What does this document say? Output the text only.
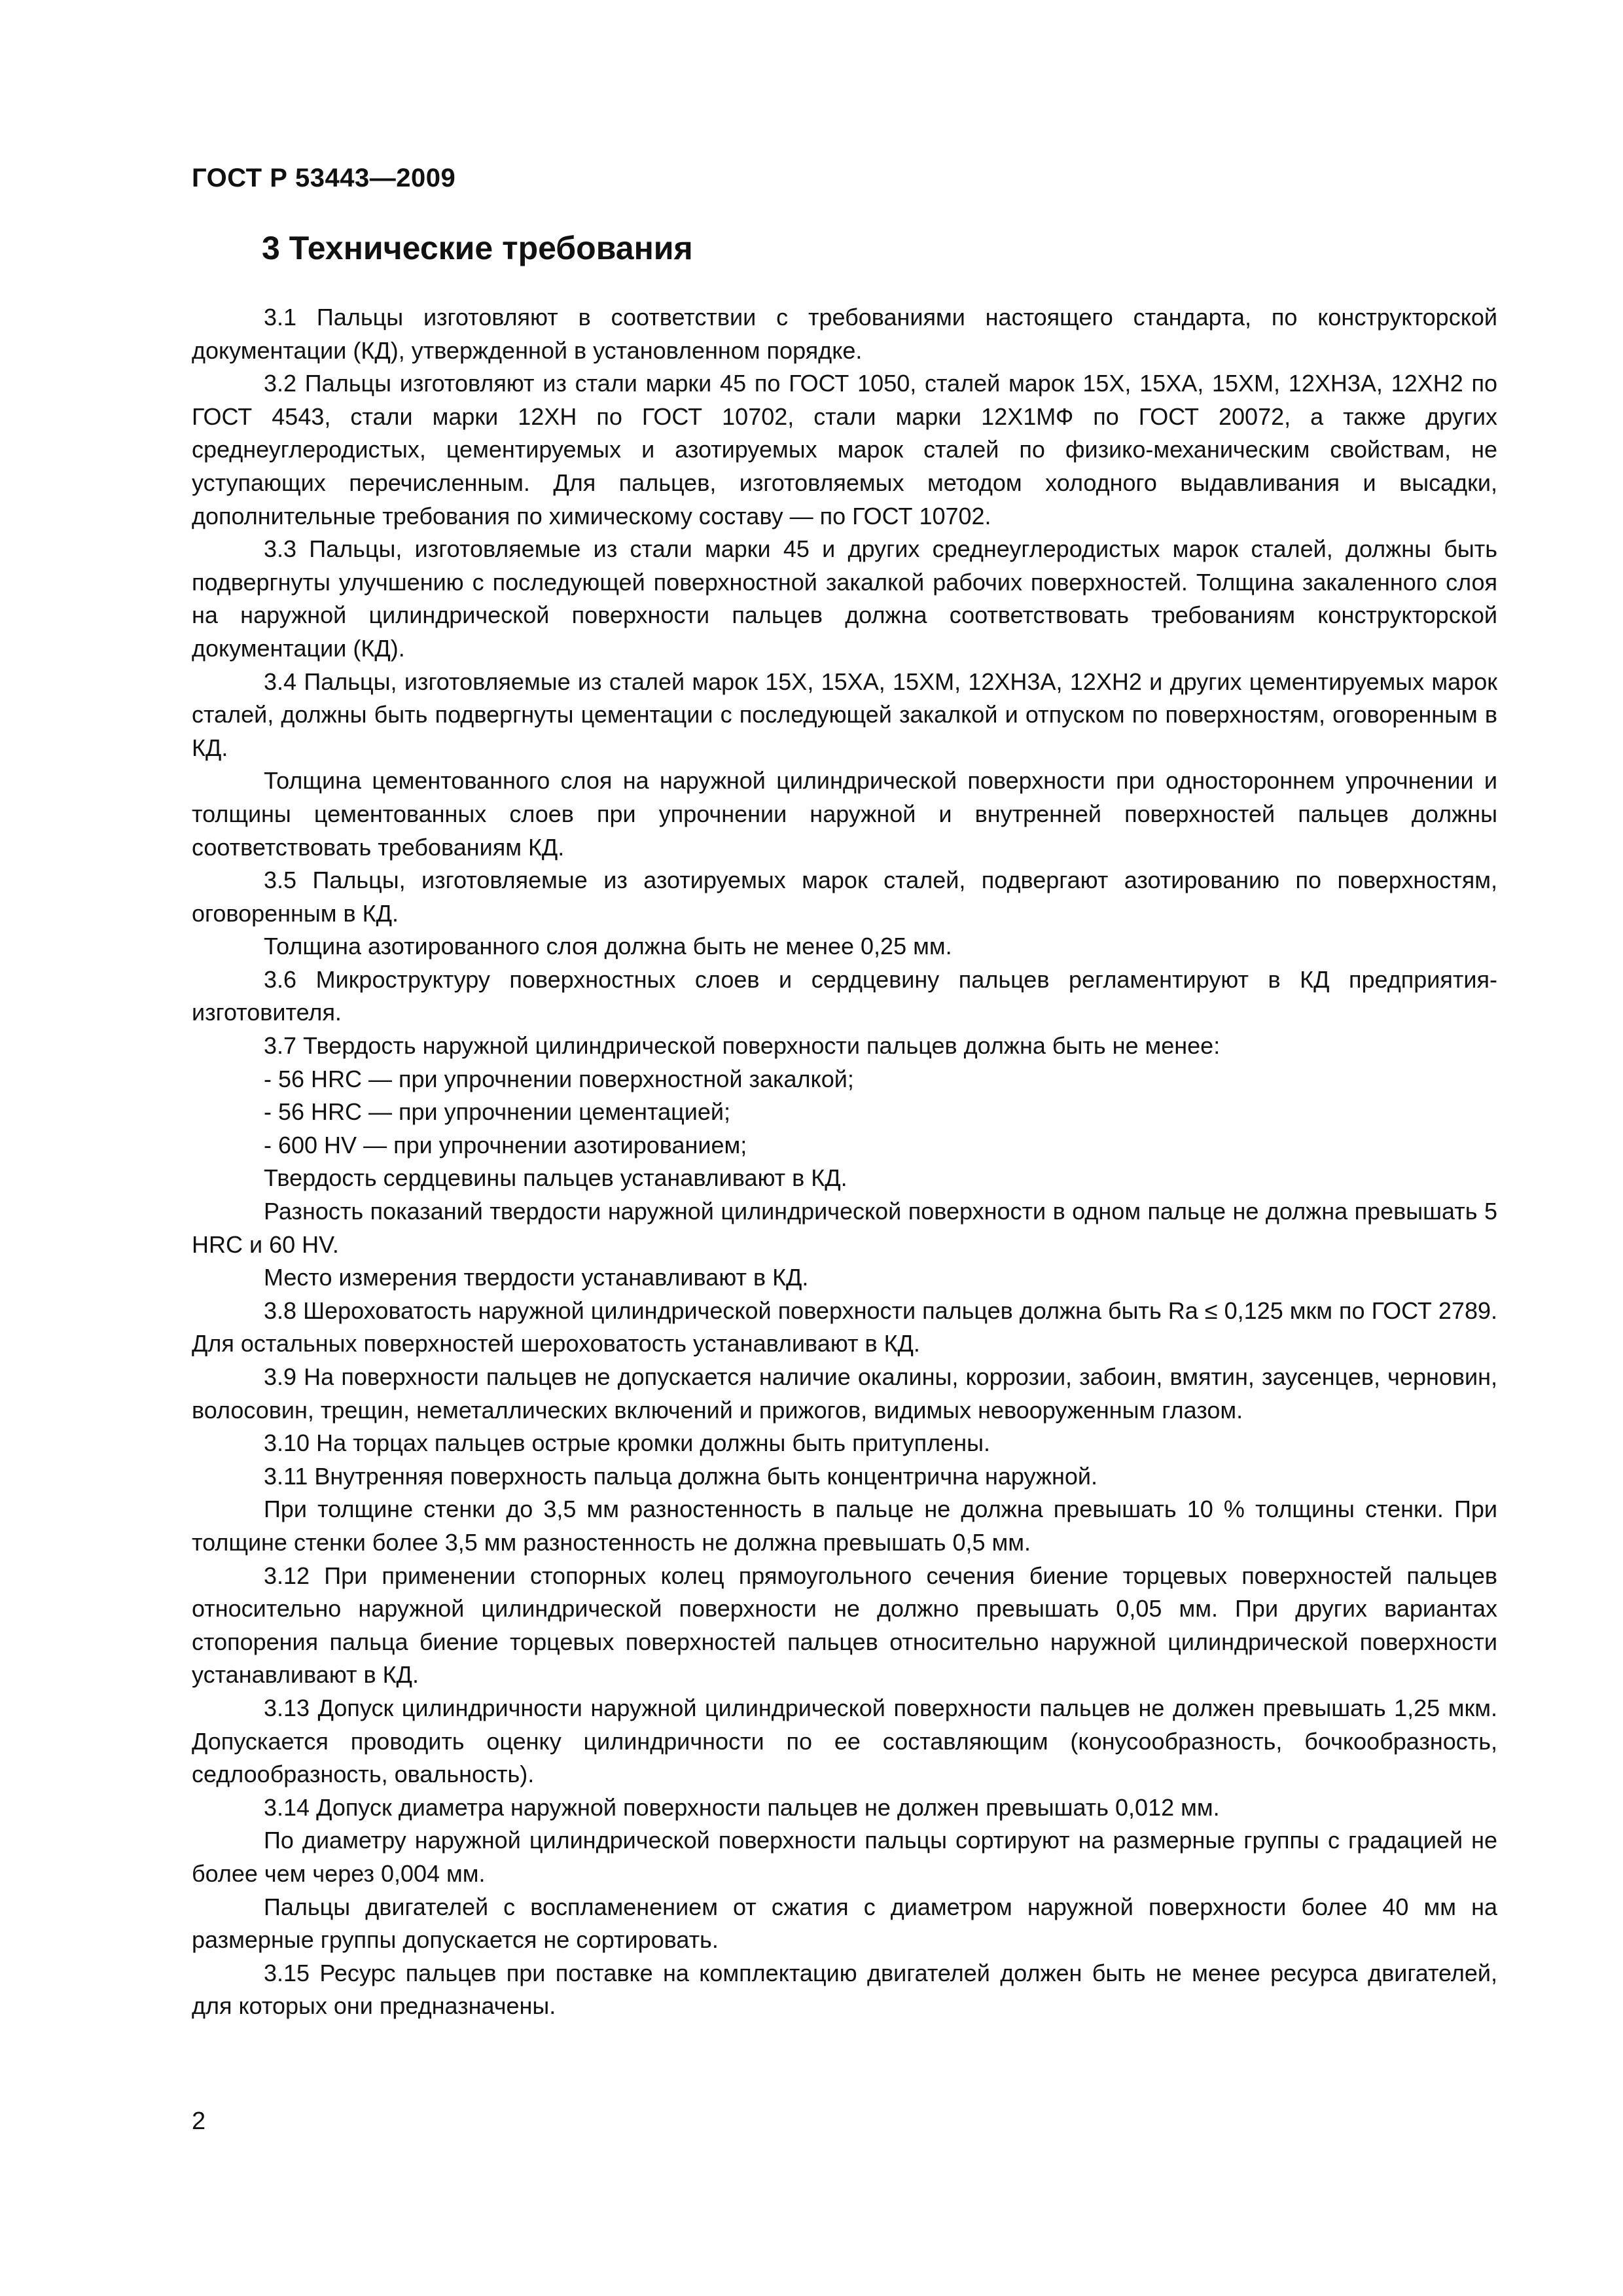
ГОСТ Р 53443—2009
3 Технические требования

3.1 Пальцы изготовляют в соответствии с требованиями настоящего стандарта, по конструкторской документации (КД), утвержденной в установленном порядке.

3.2 Пальцы изготовляют из стали марки 45 по ГОСТ 1050, сталей марок 15Х, 15ХА, 15ХМ, 12ХН3А, 12ХН2 по ГОСТ 4543, стали марки 12ХН по ГОСТ 10702, стали марки 12Х1МФ по ГОСТ 20072, а также других среднеуглеродистых, цементируемых и азотируемых марок сталей по физико-механическим свойствам, не уступающих перечисленным. Для пальцев, изготовляемых методом холодного выдавливания и высадки, дополнительные требования по химическому составу — по ГОСТ 10702.

3.3 Пальцы, изготовляемые из стали марки 45 и других среднеуглеродистых марок сталей, должны быть подвергнуты улучшению с последующей поверхностной закалкой рабочих поверхностей. Толщина закаленного слоя на наружной цилиндрической поверхности пальцев должна соответствовать требованиям конструкторской документации (КД).

3.4 Пальцы, изготовляемые из сталей марок 15Х, 15ХА, 15ХМ, 12ХН3А, 12ХН2 и других цементируемых марок сталей, должны быть подвергнуты цементации с последующей закалкой и отпуском по поверхностям, оговоренным в КД.

Толщина цементованного слоя на наружной цилиндрической поверхности при одностороннем упрочнении и толщины цементованных слоев при упрочнении наружной и внутренней поверхностей пальцев должны соответствовать требованиям КД.

3.5 Пальцы, изготовляемые из азотируемых марок сталей, подвергают азотированию по поверхностям, оговоренным в КД.

Толщина азотированного слоя должна быть не менее 0,25 мм.

3.6 Микроструктуру поверхностных слоев и сердцевину пальцев регламентируют в КД предприятия-изготовителя.

3.7 Твердость наружной цилиндрической поверхности пальцев должна быть не менее:

- 56 HRC — при упрочнении поверхностной закалкой;

- 56 HRC — при упрочнении цементацией;

- 600 HV — при упрочнении азотированием;

Твердость сердцевины пальцев устанавливают в КД.

Разность показаний твердости наружной цилиндрической поверхности в одном пальце не должна превышать 5 HRC и 60 HV.

Место измерения твердости устанавливают в КД.

3.8 Шероховатость наружной цилиндрической поверхности пальцев должна быть Ra ≤ 0,125 мкм по ГОСТ 2789. Для остальных поверхностей шероховатость устанавливают в КД.

3.9 На поверхности пальцев не допускается наличие окалины, коррозии, забоин, вмятин, заусенцев, черновин, волосовин, трещин, неметаллических включений и прижогов, видимых невооруженным глазом.

3.10 На торцах пальцев острые кромки должны быть притуплены.

3.11 Внутренняя поверхность пальца должна быть концентрична наружной.

При толщине стенки до 3,5 мм разностенность в пальце не должна превышать 10 % толщины стенки. При толщине стенки более 3,5 мм разностенность не должна превышать 0,5 мм.

3.12 При применении стопорных колец прямоугольного сечения биение торцевых поверхностей пальцев относительно наружной цилиндрической поверхности не должно превышать 0,05 мм. При других вариантах стопорения пальца биение торцевых поверхностей пальцев относительно наружной цилиндрической поверхности устанавливают в КД.

3.13 Допуск цилиндричности наружной цилиндрической поверхности пальцев не должен превышать 1,25 мкм. Допускается проводить оценку цилиндричности по ее составляющим (конусообразность, бочкообразность, седлообразность, овальность).

3.14 Допуск диаметра наружной поверхности пальцев не должен превышать 0,012 мм.

По диаметру наружной цилиндрической поверхности пальцы сортируют на размерные группы с градацией не более чем через 0,004 мм.

Пальцы двигателей с воспламенением от сжатия с диаметром наружной поверхности более 40 мм на размерные группы допускается не сортировать.

3.15 Ресурс пальцев при поставке на комплектацию двигателей должен быть не менее ресурса двигателей, для которых они предназначены.

2
